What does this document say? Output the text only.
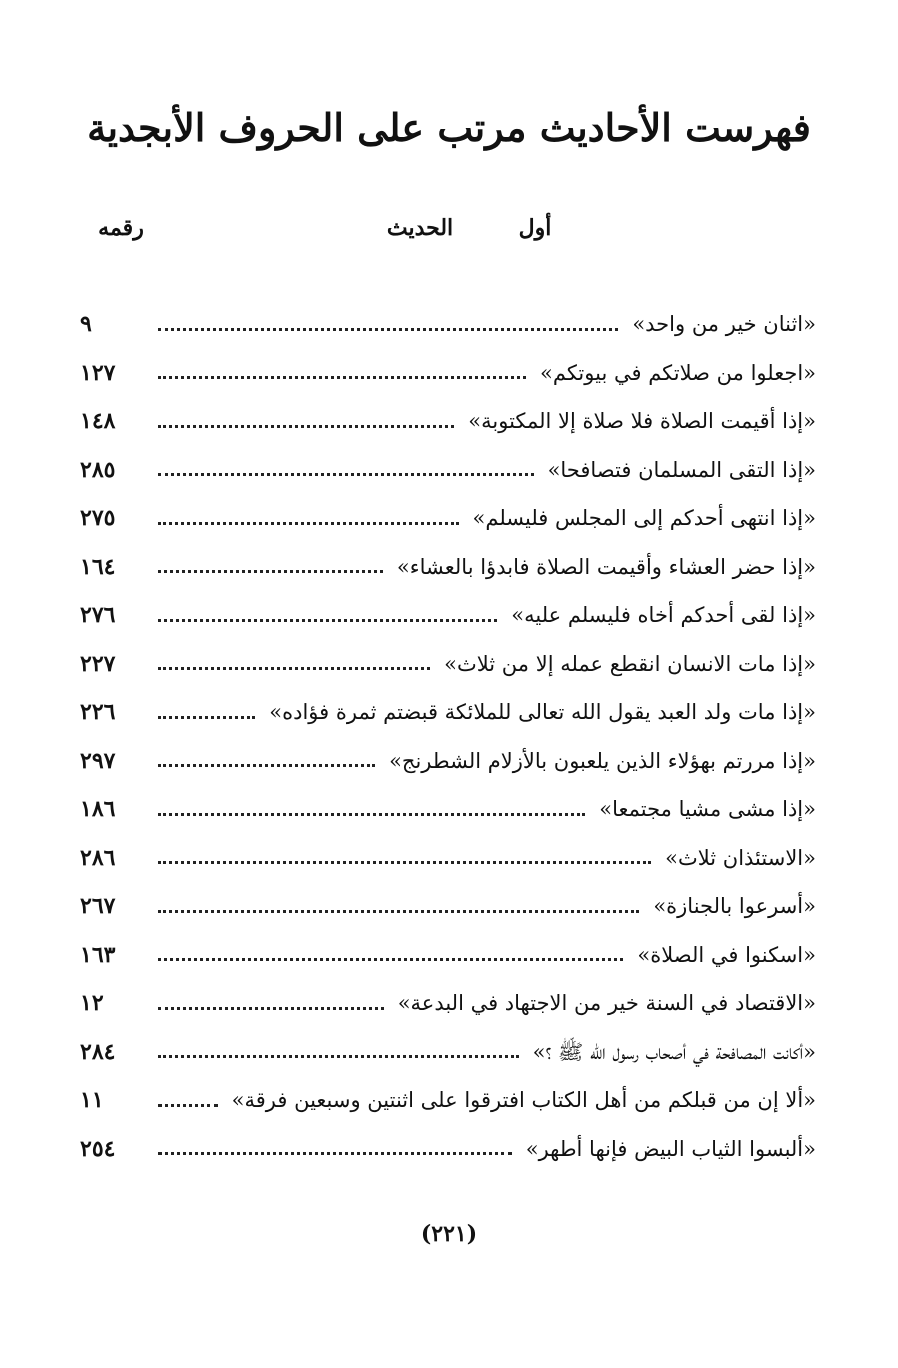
فهرست الأحاديث مرتب على الحروف الأبجدية
أول
الحديث
رقمه
«اثنان خير من واحد»
٩
«اجعلوا من صلاتكم في بيوتكم»
١٢٧
«إذا أقيمت الصلاة فلا صلاة إلا المكتوبة»
١٤٨
«إذا التقى المسلمان فتصافحا»
٢٨٥
«إذا انتهى أحدكم إلى المجلس فليسلم»
٢٧٥
«إذا حضر العشاء وأقيمت الصلاة فابدؤا بالعشاء»
١٦٤
«إذا لقى أحدكم أخاه فليسلم عليه»
٢٧٦
«إذا مات الانسان انقطع عمله إلا من ثلاث»
٢٢٧
«إذا مات ولد العبد يقول الله تعالى للملائكة قبضتم ثمرة فؤاده»
٢٢٦
«إذا مررتم بهؤلاء الذين يلعبون بالأزلام الشطرنج»
٢٩٧
«إذا مشى مشيا مجتمعا»
١٨٦
«الاستئذان ثلاث»
٢٨٦
«أسرعوا بالجنازة»
٢٦٧
«اسكنوا في الصلاة»
١٦٣
«الاقتصاد في السنة خير من الاجتهاد في البدعة»
١٢
«أكانت المصافحة في أصحاب رسول الله ﷺ ؟»
٢٨٤
«ألا إن من قبلكم من أهل الكتاب افترقوا على اثنتين وسبعين فرقة»
١١
«ألبسوا الثياب البيض فإنها أطهر»
٢٥٤
(٢٢١)
